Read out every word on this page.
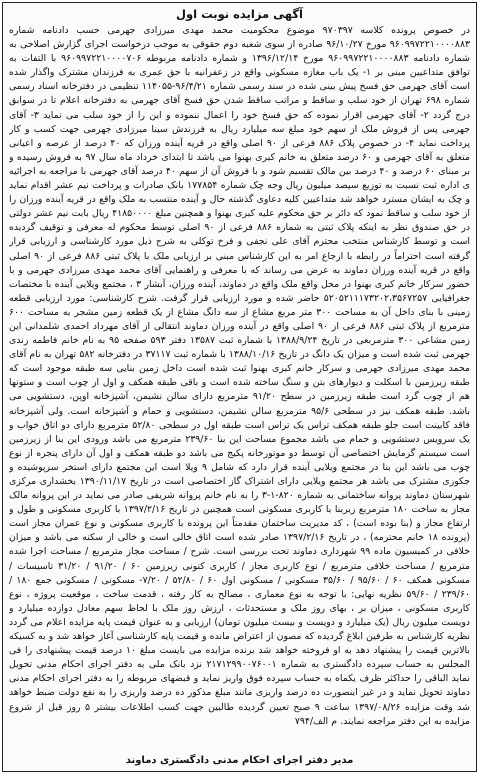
آگهی مزایده نوبت اول

در خصوص پرونده کلاسه ۹۷۰۳۹۷ موضوع محکومیت محمد مهدی میرزادی جهرمی حسب دادنامه شماره ۹۶۰۹۹۷۲۲۱۰۰۰۰۸۸۳ مورخ ۹۶/۱۰/۲۷ صادره از سوی شعبه دوم حقوقی به موجب درخواست اجرای گزارش اصلاحی به شماره دادنامه ۹۶۰۹۹۷۲۲۱۰۰۰۰۸۸۳ مورخ ۱۳۹۶/۱۲/۱۴ و شماره دادنامه مربوطه ۹۶۰۹۹۷۲۲۱۰۰۰۰۷۰۶ با التفات به توافق متداعیین مبنی بر ۱- یک باب مغازه مسکونی واقع در زعفرانیه با حق عمری به فرزندان مشترک واگذار شده است آقای جهرمی حق فسخ پیش بینی شده در سند رسمی شماره ۹۶/۴/۲۱-۱۱۴۰۵۵ تنظیمی در دفترخانه اسناد رسمی شماره ۶۹۸ تهران از خود سلب و ساقط و مراتب ساقط شدن حق فسخ آقای جهرمی به دفترخانه اعلام تا در سوابق درج گردد ۲- آقای جهرمی اقرار نموده که حق فسخ خود را اعمال ننموده و این را از خود سلب می نماید ۳- آقای جهرمی پس از فروش ملک از سهم خود مبلغ سه میلیارد ریال به فرزندش سینا میرزادی جهرمی جهت کسب و کار پرداخت نماید ۴- در خصوص پلاک ۸۸۶ فرعی از ۹۰ اصلی واقع در قریه آینده ورزان که ۴۰ درصد از عرصه و اعیانی متعلق به آقای جهرمی و ۶۰ درصد متعلق به خانم کبری بهنوا می باشد تا ابتدای خرداد ماه سال ۹۷ به فروش رسیده و بر مبنای ۶۰ درصد و ۴۰ درصد بین مالک تقسیم شود و با فروش آن از سهم ۴۰ درصد آقای جهرمی با مراجعه به اجرائیه ی اداره ثبت نسبت به توزیع سیصد میلیون ریال وجه چک شماره ۱۷۷۸۵۴ بانک صادرات و پرداخت نیم عشر اقدام نماید و چک به ایشان مسترد خواهد شد متداعیین کلیه دعاوی گذشته حال و آینده منتسب به ملک واقع در قریه آینده ورزان را از خود سلب و ساقط نمود که دائر بر حق محکوم علیه کبری بهنوا و همچنین مبلغ ۴۱۸۵۰۰۰۰ ریال بابت نیم عشر دولتی در حق صندوق نظر به اینکه پلاک ثبتی به شماره ۸۸۶ فرعی از ۹۰ اصلی توسط محکوم له معرفی و توقیف گردیده است و توسط کارشناس منتخب محترم آقای علی نجفی و فرخ توکلی به شرح ذیل مورد کارشناسی و ارزیابی قرار گرفته است احتراماً در رابطه با ارجاع امر به این کارشناس مبنی بر ارزیابی ملک با پلاک ثبتی ۸۸۶ فرعی از ۹۰ اصلی واقع در قریه آینده ورزان دماوند به عرض می رساند که با معرفی و راهنمایی آقای محمد مهدی میرزادی جهرمی و با حضور سرکار خانم کبری بهنوا در محل واقع ملک واقع در دماوند، آینده ورزان، آبشار ۳ ، مجتمع ویلایی آینده با مختصات جغرافیایی ۵۲۰۵۲۱۱۱۷۳۲۰۲،۳۵۶۷۲۵۷ حاضر شده و مورد ارزیابی قرار گرفت. شرح کارشناسی: مورد ارزیابی قطعه زمینی با بنای داخل آن به مساحت ۳۰۰ متر مربع مشاع از سه دانگ مشاع از یک قطعه زمین مشجر به مساحت ۶۰۰ مترمربع از پلاک ثبتی ۸۸۶ فرعی از ۹۰ اصلی واقع در آینده ورزان دماوند انتقالی از آقای مهرداد احمدی شلمدانی این زمین مشاعی ۳۰۰ مترمربعی در تاریخ ۱۳۸۸/۹/۲۴ با شماره ثبت ۱۳۵۸۷ دفتر ۵۹۳ صفحه ۹۵ به نام خانم فاطمه زندی جهرمی ثبت شده است و میزان یک دانگ در تاریخ ۱۳۸۸/۱۰/۱۶ با شماره ثبت ۳۷۱۱۷ در دفترخانه ۵۸۲ تهران به نام آقای محمد مهدی میرزادی جهرمی و سرکار خانم کبری بهنوا ثبت شده است داخل زمین بنایی سه طبقه موجود است که طبقه زیرزمین با اسکلت و دیوارهای بتن و سنگ ساخته شده است و باقی طبقه همکف و اول از چوب است و ستونها هم از چوب گرد است طبقه زیرزمین در سطح ۹۱/۲۰ مترمربع دارای سالن نشیمن، آشپزخانه اوپن، دستشویی می باشد. طبقه همکف نیز در سطحی ۹۵/۶ مترمربع سالن نشیمن، دستشویی و حمام و آشپزخانه است. ولی آشپزخانه فاقد کابینت است جلو طبقه همکف تراس یک تراس است طبقه اول در سطحی ۵۲/۸۰ مترمربع دارای دو اتاق خواب و یک سرویس دستشویی و حمام می باشد مجموع مساحت این بنا ۲۳۹/۶۰ مترمربع می باشد ورودی این بنا از زیرزمین است سیستم گرمایش اختصاصی آن توسط دو موتورخانه پکیج می باشد دو طبقه همکف و اول آن دارای پنجره از نوع چوب می باشد این بنا در مجتمع ویلایی آینده قرار دارد که شامل ۹ ویلا است این مجتمع دارای استخر سرپوشیده و جکوزی مشترک می باشد هر مجتمع ویلایی دارای اشتراک گاز اختصاصی است در تاریخ ۱۳۹۰/۱۱/۱۷ بخشداری مرکزی شهرستان دماوند پروانه ساختمانی به شماره ۸۲۰-۱-۳ را به نام خانم پروانه شریفی صادر می نماید در این پروانه مالک مجاز به ساخت ۱۸۰ مترمربع زیربنا با کاربری مسکونی است همچنین در تاریخ ۱۳۹۷/۲/۱۶ با کاربری مسکونی و طول و ارتفاع مجاز و (بنا بوده است) ، کد مدیریت ساختمان مقدمتاً این پرونده با کاربری مسکونی و نوع عمران مجاز است (پرونده ۱۸ خانم محترمه) ، در تاریخ ۱۳۹۷/۲/۱۶ صادر شده است اتاق خالی است و خالی از سکنه می باشد و میزان خلافی در کمیسیون ماده ۹۹ شهرداری دماوند تحت بررسی است. شرح / مساحت مجاز مترمربع / مساحت اجرا شده مترمربع / مساحت خلافی مترمربع / نوع کاربری مجاز / کاربری کنونی زیرزمین ۶۰ / ۹۱/۲۰ / ۳۱/۲۰ تاسیسات / مسکونی همکف ۶۰ / ۹۵/۶۰ / ۳۵/۶۰ مسکونی / مسکونی اول ۶۰ / ۵۲/۸۰ / ۷/۲۰- مسکونی / مسکونی جمع ۱۸۰ / ۲۳۹/۶۰ / ۵۹/۶۰ نظریه نهایی: با توجه به نوع معماری ، مصالح به کار رفته ، قدمت ساخت ، موقعیت پروژه ، نوع کاربری مسکونی ، میزان بر ، بهای روز ملک و مستحدثات ، ارزش روز ملک با لحاظ سهم معادل دوازده میلیارد و دویست میلیون ریال (یک میلیارد و دویست و بیست میلیون تومان) ارزیابی و به عنوان قیمت پایه مزایده اعلام می گردد نظریه کارشناس به طرفین ابلاغ گردیده که مصون از اعتراض مانده و قیمت پایه کارشناسی آغاز خواهد شد و به کسیکه بالاترین قیمت را پیشنهاد دهد به او فروخته خواهد شد برنده مزایده می بایست مبلغ ۱۰ درصد قیمت پیشنهادی را فی المجلس به حساب سپرده دادگستری به شماره ۲۱۷۱۲۹۹۰۰۷۶۰۰۱ نزد بانک ملی به دفتر اجرای احکام مدنی تحویل نماید الباقی را حداکثر ظرف یکماه به حساب سپرده فوق واریز نماید و قبضهای مربوطه را به دفتر اجرای احکام مدنی دماوند تحویل نماید و در غیر اینصورت ده درصد واریزی مانند مبلغ مذکور ده درصد واریزی را به نفع دولت ضبط خواهد شد وقت مزایده ۱۳۹۷/۰۸/۲۶ ساعت ۹ صبح تعیین گردیده طالبین جهت کسب اطلاعات بیشتر ۵ روز قبل از شروع مزایده به این دفتر مراجعه نمایند. م الف/۷۹۴

مدیر دفتر اجرای احکام مدنی دادگستری دماوند
